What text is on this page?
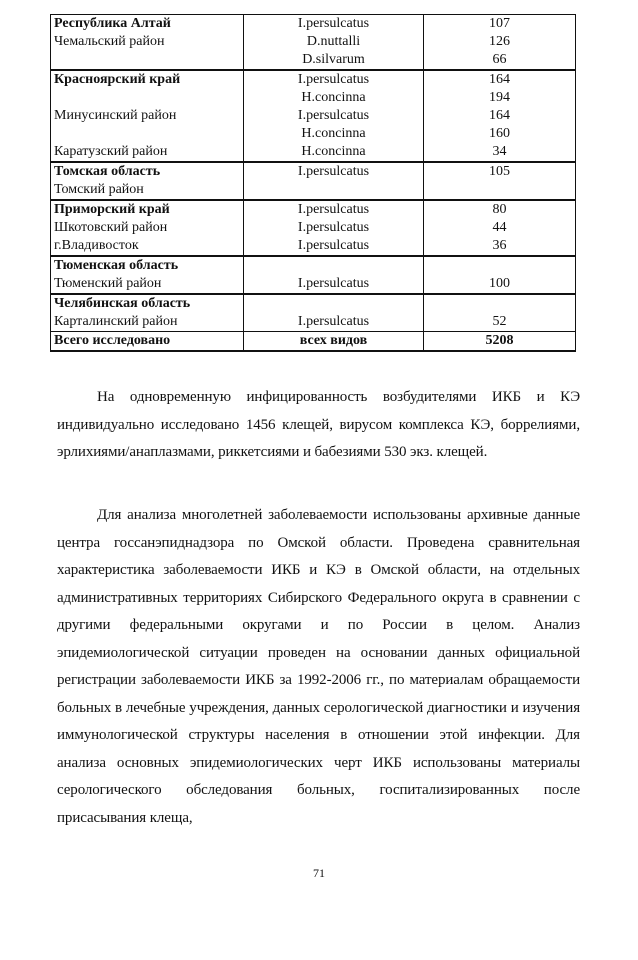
Республика Алтай	I.persulcatus	107
Чемальский район	D.nuttalli	126
	D.silvarum	66
Красноярский край	I.persulcatus	164
	H.concinna	194
Минусинский район	I.persulcatus	164
	H.concinna	160
Каратузский район	H.concinna	34
Томская область	I.persulcatus	105
Томский район		
Приморский край	I.persulcatus	80
Шкотовский район	I.persulcatus	44
г.Владивосток	I.persulcatus	36
Тюменская область		
Тюменский район	I.persulcatus	100
Челябинская область		
Карталинский район	I.persulcatus	52
Всего исследовано	всех видов	5208

На одновременную инфицированность возбудителями ИКБ и КЭ индивидуально исследовано 1456 клещей, вирусом комплекса КЭ, боррелиями, эрлихиями/анаплазмами, риккетсиями и бабезиями 530 экз. клещей.

Для анализа многолетней заболеваемости использованы архивные данные центра госсанэпиднадзора по Омской области. Проведена сравнительная характеристика заболеваемости ИКБ и КЭ в Омской области, на отдельных административных территориях Сибирского Федерального округа в сравнении с другими федеральными округами и по России в целом. Анализ эпидемиологической ситуации проведен на основании данных официальной регистрации заболеваемости ИКБ за 1992-2006 гг., по материалам обращаемости больных в лечебные учреждения, данных серологической диагностики и изучения иммунологической структуры населения в отношении этой инфекции. Для анализа основных эпидемиологических черт ИКБ использованы материалы серологического обследования больных, госпитализированных после присасывания клеща,

71
